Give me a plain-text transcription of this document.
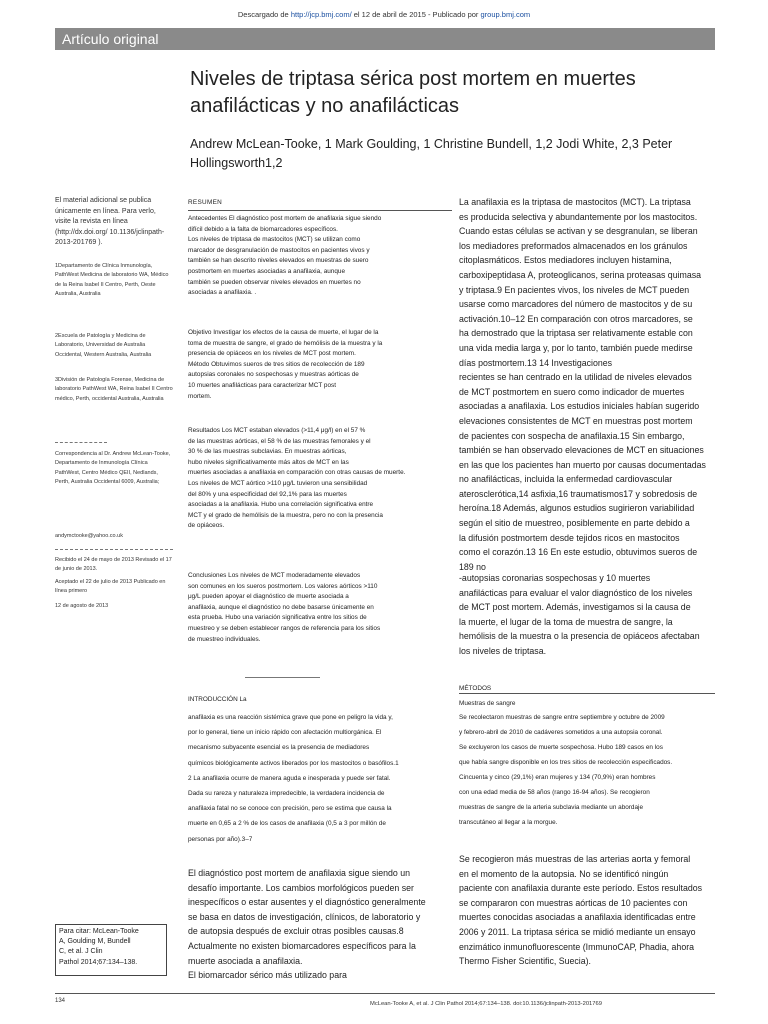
Descargado de http://jcp.bmj.com/ el 12 de abril de 2015 - Publicado por group.bmj.com
Artículo original
Niveles de triptasa sérica post mortem en muertes anafilácticas y no anafilácticas
Andrew McLean-Tooke, 1 Mark Goulding, 1 Christine Bundell, 1,2 Jodi White, 2,3 Peter Hollingsworth1,2

El material adicional se publica únicamente en línea. Para verlo, visite la revista en línea (http://dx.doi.org/ 10.1136/jclinpath-2013-201769 ).

1Departamento de Clínica Inmunología, PathWest Medicina de laboratorio WA, Médico de la Reina Isabel II Centro, Perth, Oeste Australia, Australia

2Escuela de Patología y Medicina de Laboratorio, Universidad de Australia Occidental, Western Australia, Australia

3División de Patología Forense, Medicina de laboratorio PathWest WA, Reina Isabel II Centro médico, Perth, occidental Australia, Australia

Correspondencia al Dr. Andrew McLean-Tooke, Departamento de Inmunología Clínica PathWest, Centro Médico QEII, Nedlands, Perth, Australia Occidental 6009, Australia;

andymctooke@yahoo.co.uk

Recibido el 24 de mayo de 2013 Revisado el 17 de junio de 2013.

Aceptado el 22 de julio de 2013 Publicado en línea primero

12 de agosto de 2013

RESUMEN

Antecedentes El diagnóstico post mortem de anafilaxia sigue siendo
difícil debido a la falta de biomarcadores específicos.
Los niveles de triptasa de mastocitos (MCT) se utilizan como
marcador de desgranulación de mastocitos en pacientes vivos y
también se han descrito niveles elevados en muestras de suero
postmortem en muertes asociadas a anafilaxia, aunque
también se pueden observar niveles elevados en muertes no
asociadas a anafilaxia. .

Objetivo Investigar los efectos de la causa de muerte, el lugar de la
toma de muestra de sangre, el grado de hemólisis de la muestra y la
presencia de opiáceos en los niveles de MCT post mortem.
Método Obtuvimos sueros de tres sitios de recolección de 189
autopsias coronales no sospechosas y muestras aórticas de
10 muertes anafilácticas para caracterizar MCT post
mortem.

Resultados Los MCT estaban elevados (>11,4 μg/l) en el 57 %
de las muestras aórticas, el 58 % de las muestras femorales y el
30 % de las muestras subclavias. En muestras aórticas,
hubo niveles significativamente más altos de MCT en las
muertes asociadas a anafilaxia en comparación con otras causas de muerte.
Los niveles de MCT aórtico >110 μg/L tuvieron una sensibilidad
del 80% y una especificidad del 92,1% para las muertes
asociadas a la anafilaxia. Hubo una correlación significativa entre
MCT y el grado de hemólisis de la muestra, pero no con la presencia
de opiáceos.

Conclusiones Los niveles de MCT moderadamente elevados
son comunes en los sueros postmortem. Los valores aórticos >110
μg/L pueden apoyar el diagnóstico de muerte asociada a
anafilaxia, aunque el diagnóstico no debe basarse únicamente en
esta prueba. Hubo una variación significativa entre los sitios de
muestreo y se deben establecer rangos de referencia para los sitios
de muestreo individuales.

INTRODUCCIÓN La
anafilaxia es una reacción sistémica grave que pone en peligro la vida y,
por lo general, tiene un inicio rápido con afectación multiorgánica. El
mecanismo subyacente esencial es la presencia de mediadores
químicos biológicamente activos liberados por los mastocitos o basófilos.1
2 La anafilaxia ocurre de manera aguda e inesperada y puede ser fatal.
Dada su rareza y naturaleza impredecible, la verdadera incidencia de
anafilaxia fatal no se conoce con precisión, pero se estima que causa la
muerte en 0,65 a 2 % de los casos de anafilaxia (0,5 a 3 por millón de
personas por año).3–7
El diagnóstico post mortem de anafilaxia sigue siendo un
desafío importante. Los cambios morfológicos pueden ser
inespecíficos o estar ausentes y el diagnóstico generalmente
se basa en datos de investigación, clínicos, de laboratorio y
de autopsia después de excluir otras posibles causas.8
Actualmente no existen biomarcadores específicos para la
muerte asociada a anafilaxia.
El biomarcador sérico más utilizado para
La anafilaxia es la triptasa de mastocitos (MCT). La triptasa
es producida selectiva y abundantemente por los mastocitos.
Cuando estas células se activan y se desgranulan, se liberan
los mediadores preformados almacenados en los gránulos
citoplasmáticos. Estos mediadores incluyen histamina,
carboxipeptidasa A, proteoglicanos, serina proteasas quimasa
y triptasa.9 En pacientes vivos, los niveles de MCT pueden
usarse como marcadores del número de mastocitos y de su
activación.10–12 En comparación con otros marcadores, se
ha demostrado que la triptasa ser relativamente estable con
una vida media larga y, por lo tanto, también puede medirse
días postmortem.13 14 Investigaciones
recientes se han centrado en la utilidad de niveles elevados
de MCT postmortem en suero como indicador de muertes
asociadas a anafilaxia. Los estudios iniciales habían sugerido
elevaciones consistentes de MCT en muestras post mortem
de pacientes con sospecha de anafilaxia.15 Sin embargo,
también se han observado elevaciones de MCT en situaciones
en las que los pacientes han muerto por causas documentadas
no anafilácticas, incluida la enfermedad cardiovascular
aterosclerótica,14 asfixia,16 traumatismos17 y sobredosis de
heroína.18 Además, algunos estudios sugirieron variabilidad
según el sitio de muestreo, posiblemente en parte debido a
la difusión postmortem desde tejidos ricos en mastocitos
como el corazón.13 16 En este estudio, obtuvimos sueros de
189 no
-autopsias coronarias sospechosas y 10 muertes
anafilácticas para evaluar el valor diagnóstico de los niveles
de MCT post mortem. Además, investigamos si la causa de
la muerte, el lugar de la toma de muestra de sangre, la
hemólisis de la muestra o la presencia de opiáceos afectaban
los niveles de triptasa.
MÉTODOS
Muestras de sangre
Se recolectaron muestras de sangre entre septiembre y octubre de 2009
y febrero-abril de 2010 de cadáveres sometidos a una autopsia coronal.
Se excluyeron los casos de muerte sospechosa. Hubo 189 casos en los
que había sangre disponible en los tres sitios de recolección especificados.
Cincuenta y cinco (29,1%) eran mujeres y 134 (70,9%) eran hombres
con una edad media de 58 años (rango 16-94 años). Se recogieron
muestras de sangre de la arteria subclavia mediante un abordaje
transcutáneo al llegar a la morgue.
Se recogieron más muestras de las arterias aorta y femoral
en el momento de la autopsia. No se identificó ningún
paciente con anafilaxia durante este período. Estos resultados
se compararon con muestras aórticas de 10 pacientes con
muertes conocidas asociadas a anafilaxia identificadas entre
2006 y 2011. La triptasa sérica se midió mediante un ensayo
enzimático inmunofluorescente (ImmunoCAP, Phadia, ahora
Thermo Fisher Scientific, Suecia).
Para citar: McLean-Tooke
A, Goulding M, Bundell
C, et al. J Clin
Pathol 2014;67:134–138.
134	McLean-Tooke A, et al. J Clin Pathol 2014;67:134–138. doi:10.1136/jclinpath-2013-201769
